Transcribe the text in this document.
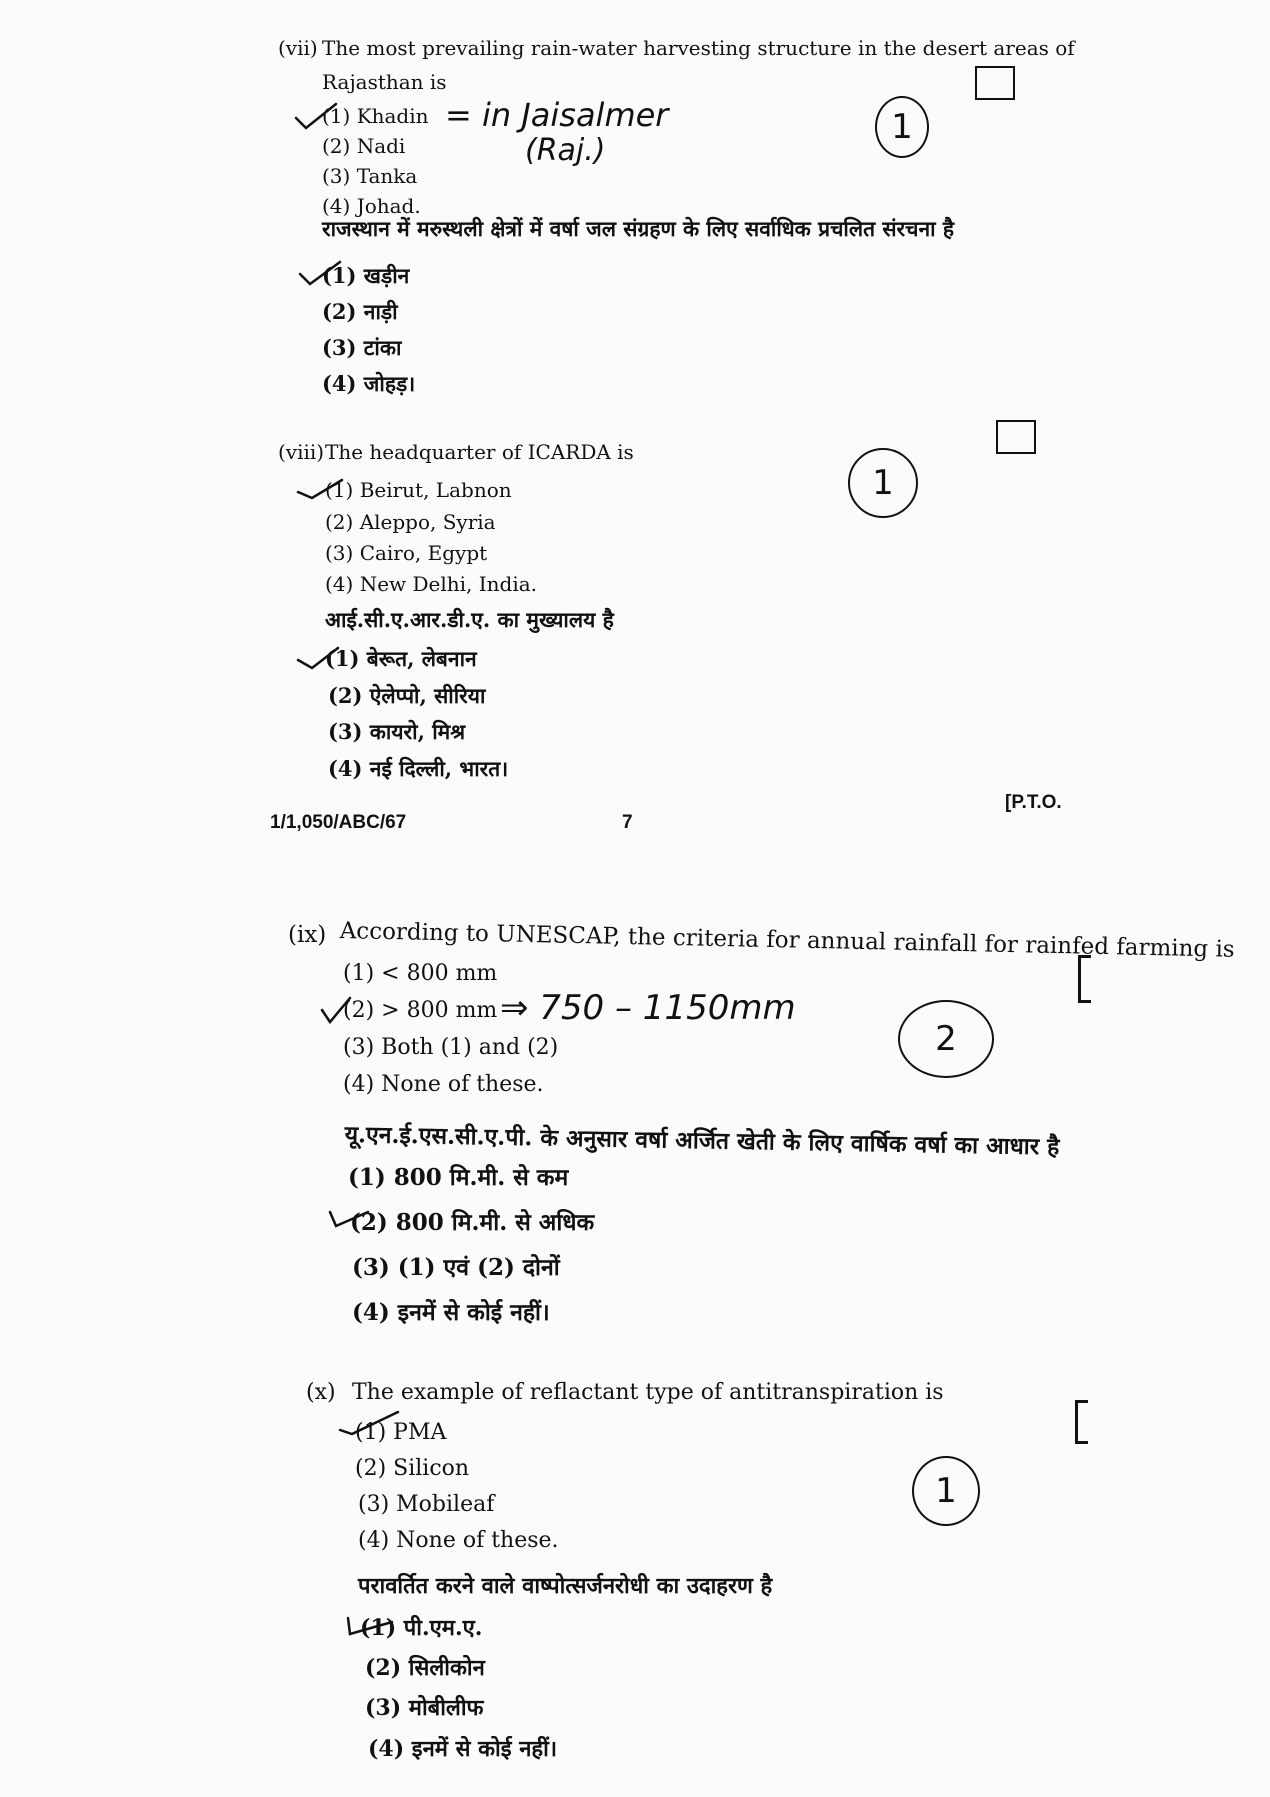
(vii) The most prevailing rain-water harvesting structure in the desert areas of
Rajasthan is
(1) Khadin
(2) Nadi
(3) Tanka
(4) Johad.
= in Jaisalmer
(Raj.)
1
राजस्थान में मरुस्थली क्षेत्रों में वर्षा जल संग्रहण के लिए सर्वाधिक प्रचलित संरचना है
(1) खड़ीन
(2) नाड़ी
(3) टांका
(4) जोहड़।
(viii) The headquarter of ICARDA is
(1) Beirut, Labnon
(2) Aleppo, Syria
(3) Cairo, Egypt
(4) New Delhi, India.
1
आई.सी.ए.आर.डी.ए. का मुख्यालय है
(1) बेरूत, लेबनान
(2) ऐलेप्पो, सीरिया
(3) कायरो, मिश्र
(4) नई दिल्ली, भारत।
1/1,050/ABC/67	7
[P.T.O.
(ix) According to UNESCAP, the criteria for annual rainfall for rainfed farming is
(1) < 800 mm
(2) > 800 mm
(3) Both (1) and (2)
(4) None of these.
⇒ 750 – 1150mm
2
यू.एन.ई.एस.सी.ए.पी. के अनुसार वर्षा अर्जित खेती के लिए वार्षिक वर्षा का आधार है
(1) 800 मि.मी. से कम
(2) 800 मि.मी. से अधिक
(3) (1) एवं (2) दोनों
(4) इनमें से कोई नहीं।
(x) The example of reflactant type of antitranspiration is
(1) PMA
(2) Silicon
(3) Mobileaf
(4) None of these.
1
परावर्तित करने वाले वाष्पोत्सर्जनरोधी का उदाहरण है
(1) पी.एम.ए.
(2) सिलीकोन
(3) मोबीलीफ
(4) इनमें से कोई नहीं।
